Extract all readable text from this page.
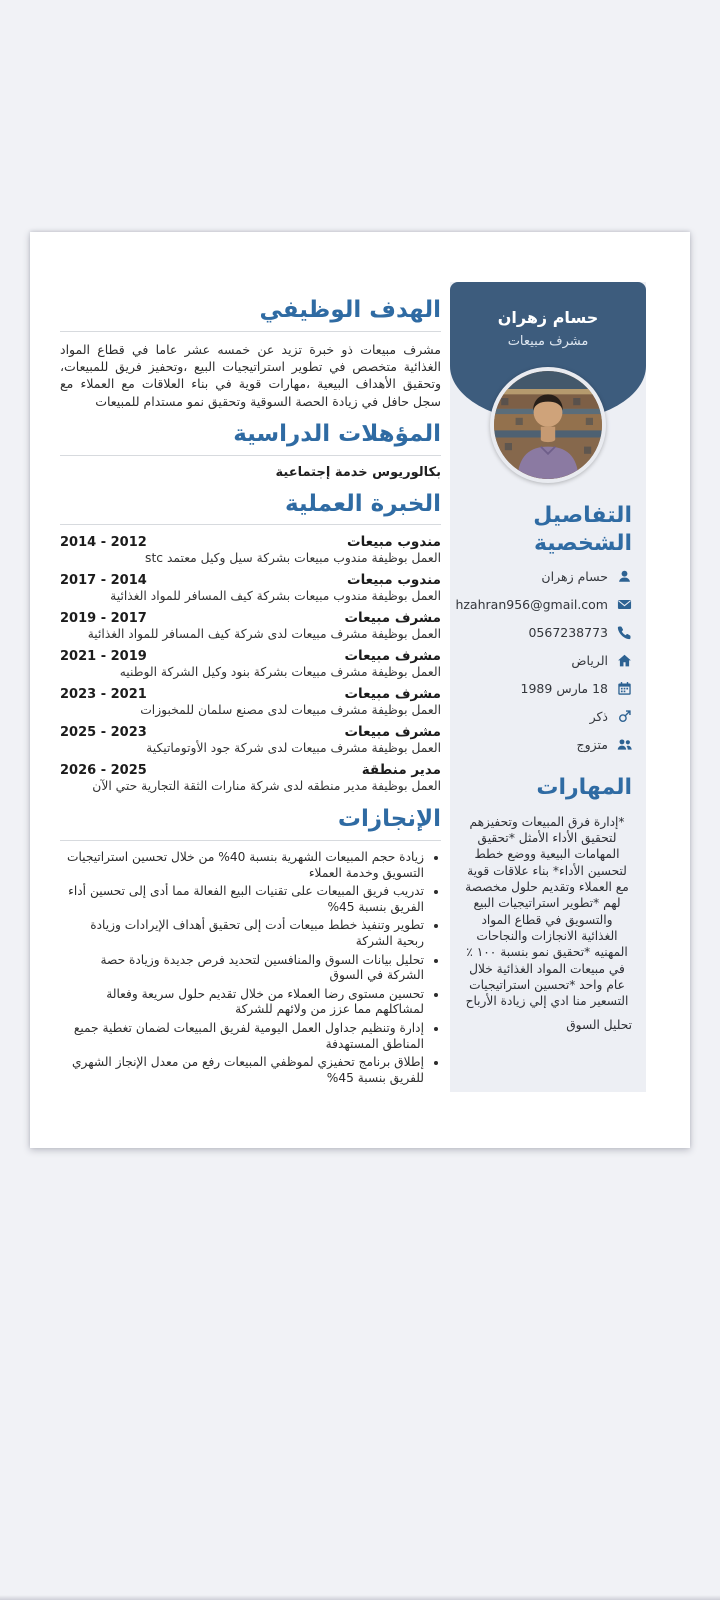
حسام زهران
مشرف مبيعات
التفاصيل الشخصية
حسام زهران
hzahran956@gmail.com
0567238773
الرياض
18 مارس 1989
ذكر
متزوج
المهارات

*إدارة فرق المبيعات وتحفيزهم لتحقيق الأداء الأمثل *تحقيق المهامات البيعية ووضع خطط لتحسين الأداء* بناء علاقات قوية مع العملاء وتقديم حلول مخصصة لهم *تطوير استراتيجيات البيع والتسويق في قطاع المواد الغذائية الانجازات والنجاحات المهنيه *تحقيق نمو بنسبة ١٠٠ ٪ في مبيعات المواد الغذائية خلال عام واحد *تحسين استراتيجيات التسعير منا ادي إلي زيادة الأرباح

تحليل السوق

الهدف الوظيفي

مشرف مبيعات ذو خبرة تزيد عن خمسه عشر عاما في قطاع المواد الغذائية متخصص في تطوير استراتيجيات البيع ،وتحفيز فريق للمبيعات، وتحقيق الأهداف البيعية ،مهارات قوية في بناء العلاقات مع العملاء مع سجل حافل في زيادة الحصة السوقية وتحقيق نمو مستدام للمبيعات

المؤهلات الدراسية

بكالوريوس خدمة إجتماعية

الخبرة العملية
مندوب مبيعات
2012 - 2014
العمل بوظيفة مندوب مبيعات بشركة سيل وكيل معتمد stc
مندوب مبيعات
2014 - 2017
العمل بوظيفة مندوب مبيعات بشركة كيف المسافر للمواد الغذائية
مشرف مبيعات
2017 - 2019
العمل بوظيفة مشرف مبيعات لدى شركة كيف المسافر للمواد الغذائية
مشرف مبيعات
2019 - 2021
العمل بوظيفة مشرف مبيعات بشركة بنود وكيل الشركة الوطنيه
مشرف مبيعات
2021 - 2023
العمل بوظيفة مشرف مبيعات لدى مصنع سلمان للمخبوزات
مشرف مبيعات
2023 - 2025
العمل بوظيفة مشرف مبيعات لدى شركة جود الأوتوماتيكية
مدير منطقة
2025 - 2026
العمل بوظيفة مدير منطقه لدى شركة منارات الثقة التجارية حتي الآن
الإنجازات
• زيادة حجم المبيعات الشهرية بنسبة 40% من خلال تحسين استراتيجيات التسويق وخدمة العملاء
• تدريب فريق المبيعات على تقنيات البيع الفعالة مما أدى إلى تحسين أداء الفريق بنسبة 45%
• تطوير وتنفيذ خطط مبيعات أدت إلى تحقيق أهداف الإيرادات وزيادة ربحية الشركة
• تحليل بيانات السوق والمنافسين لتحديد فرص جديدة وزيادة حصة الشركة في السوق
• تحسين مستوى رضا العملاء من خلال تقديم حلول سريعة وفعالة لمشاكلهم مما عزز من ولائهم للشركة
• إدارة وتنظيم جداول العمل اليومية لفريق المبيعات لضمان تغطية جميع المناطق المستهدفة
• إطلاق برنامج تحفيزي لموظفي المبيعات رفع من معدل الإنجاز الشهري للفريق بنسبة 45%
